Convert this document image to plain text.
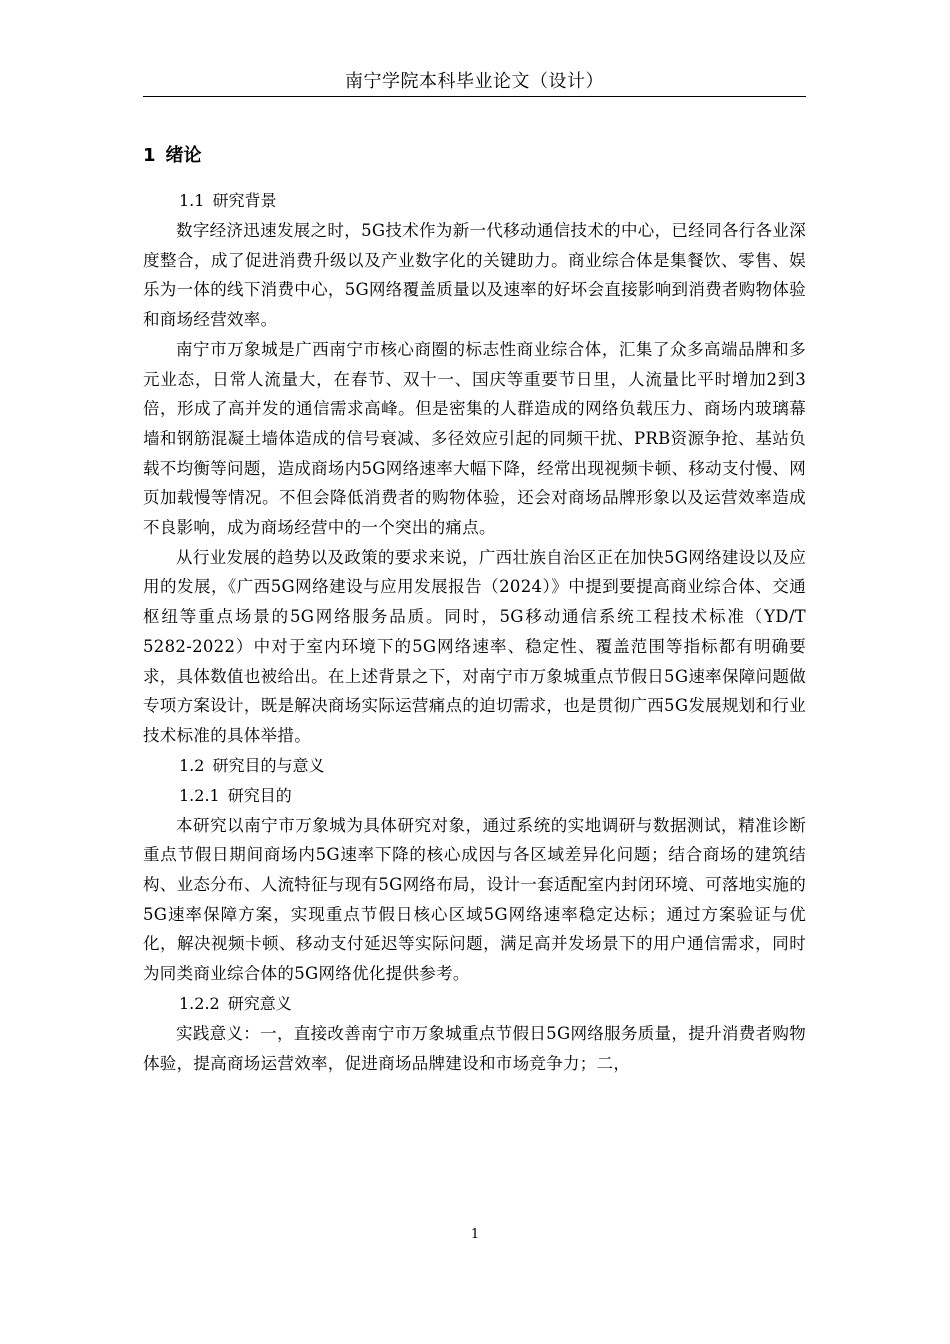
南宁学院本科毕业论文（设计）
1 绪论
1.1 研究背景

数字经济迅速发展之时，5G技术作为新一代移动通信技术的中心，已经同各行各业深度整合，成了促进消费升级以及产业数字化的关键助力。商业综合体是集餐饮、零售、娱乐为一体的线下消费中心，5G网络覆盖质量以及速率的好坏会直接影响到消费者购物体验和商场经营效率。

南宁市万象城是广西南宁市核心商圈的标志性商业综合体，汇集了众多高端品牌和多元业态，日常人流量大，在春节、双十一、国庆等重要节日里，人流量比平时增加2到3倍，形成了高并发的通信需求高峰。但是密集的人群造成的网络负载压力、商场内玻璃幕墙和钢筋混凝土墙体造成的信号衰减、多径效应引起的同频干扰、PRB资源争抢、基站负载不均衡等问题，造成商场内5G网络速率大幅下降，经常出现视频卡顿、移动支付慢、网页加载慢等情况。不但会降低消费者的购物体验，还会对商场品牌形象以及运营效率造成不良影响，成为商场经营中的一个突出的痛点。

从行业发展的趋势以及政策的要求来说，广西壮族自治区正在加快5G网络建设以及应用的发展，《广西5G网络建设与应用发展报告（2024）》中提到要提高商业综合体、交通枢纽等重点场景的5G网络服务品质。同时，5G移动通信系统工程技术标准（YD/T 5282-2022）中对于室内环境下的5G网络速率、稳定性、覆盖范围等指标都有明确要求，具体数值也被给出。在上述背景之下，对南宁市万象城重点节假日5G速率保障问题做专项方案设计，既是解决商场实际运营痛点的迫切需求，也是贯彻广西5G发展规划和行业技术标准的具体举措。

1.2 研究目的与意义
1.2.1 研究目的

本研究以南宁市万象城为具体研究对象，通过系统的实地调研与数据测试，精准诊断重点节假日期间商场内5G速率下降的核心成因与各区域差异化问题；结合商场的建筑结构、业态分布、人流特征与现有5G网络布局，设计一套适配室内封闭环境、可落地实施的5G速率保障方案，实现重点节假日核心区域5G网络速率稳定达标；通过方案验证与优化，解决视频卡顿、移动支付延迟等实际问题，满足高并发场景下的用户通信需求，同时为同类商业综合体的5G网络优化提供参考。

1.2.2 研究意义

实践意义：一，直接改善南宁市万象城重点节假日5G网络服务质量，提升消费者购物体验，提高商场运营效率，促进商场品牌建设和市场竞争力；二，

1
